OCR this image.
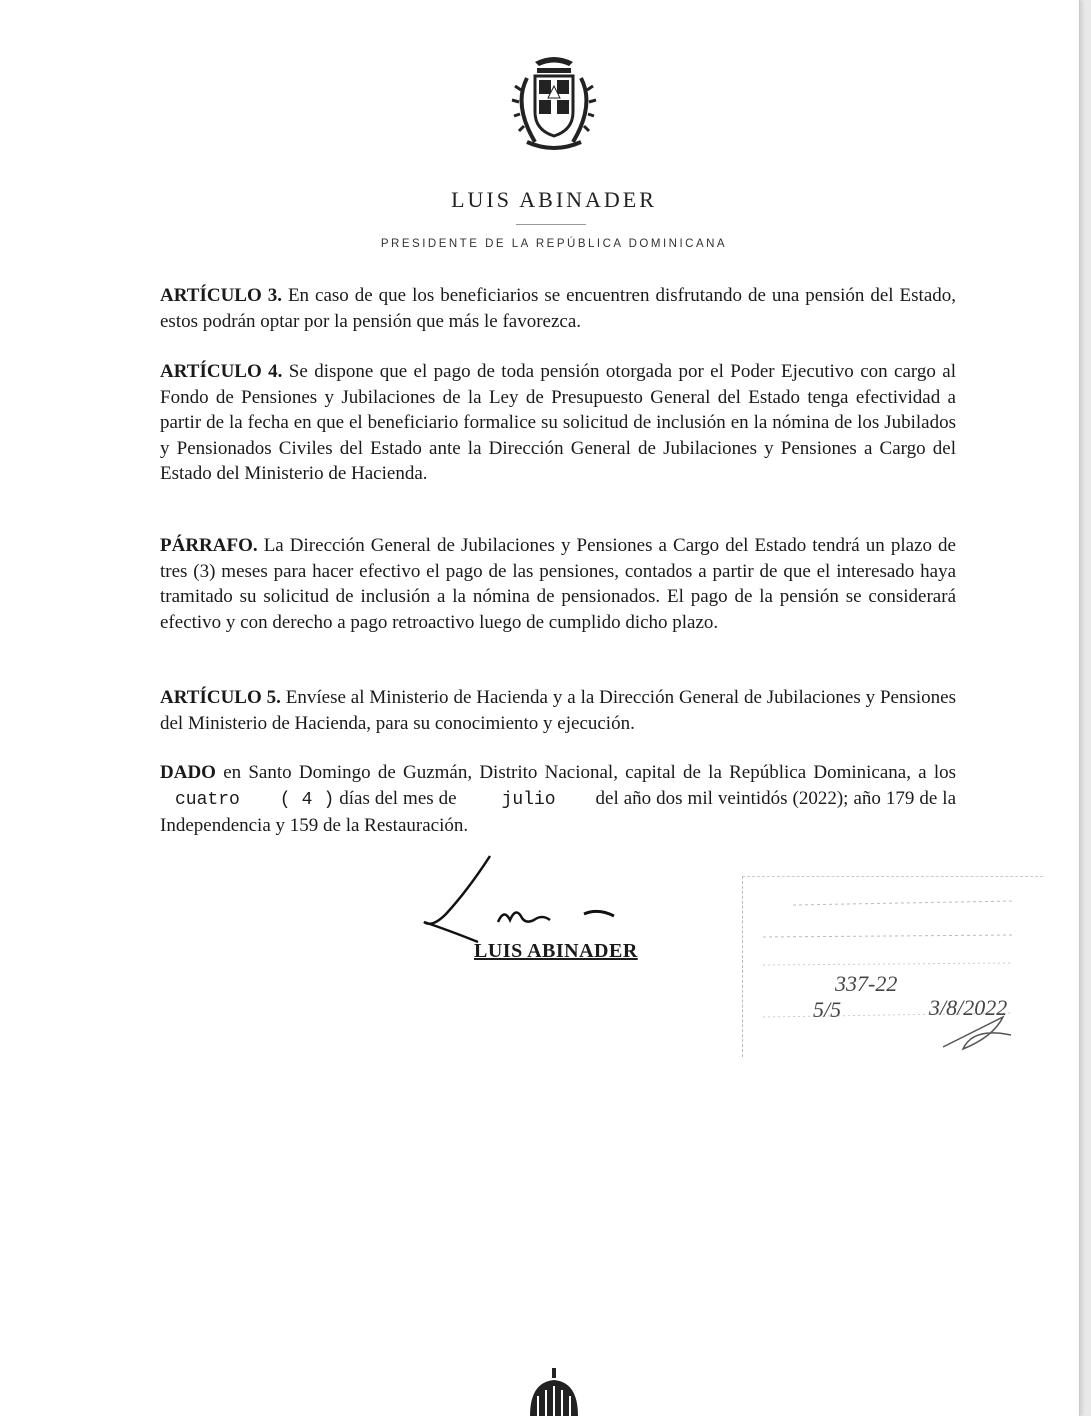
LUIS ABINADER
PRESIDENTE DE LA REPÚBLICA DOMINICANA

ARTÍCULO 3. En caso de que los beneficiarios se encuentren disfrutando de una pensión del Estado, estos podrán optar por la pensión que más le favorezca.

ARTÍCULO 4. Se dispone que el pago de toda pensión otorgada por el Poder Ejecutivo con cargo al Fondo de Pensiones y Jubilaciones de la Ley de Presupuesto General del Estado tenga efectividad a partir de la fecha en que el beneficiario formalice su solicitud de inclusión en la nómina de los Jubilados y Pensionados Civiles del Estado ante la Dirección General de Jubilaciones y Pensiones a Cargo del Estado del Ministerio de Hacienda.

PÁRRAFO. La Dirección General de Jubilaciones y Pensiones a Cargo del Estado tendrá un plazo de tres (3) meses para hacer efectivo el pago de las pensiones, contados a partir de que el interesado haya tramitado su solicitud de inclusión a la nómina de pensionados. El pago de la pensión se considerará efectivo y con derecho a pago retroactivo luego de cumplido dicho plazo.

ARTÍCULO 5. Envíese al Ministerio de Hacienda y a la Dirección General de Jubilaciones y Pensiones del Ministerio de Hacienda, para su conocimiento y ejecución.

DADO en Santo Domingo de Guzmán, Distrito Nacional, capital de la República Dominicana, a los    cuatro ( 4 ) días del mes de julio del año dos mil veintidós (2022); año 179 de la Independencia y 159 de la Restauración.

LUIS ABINADER
337-22
5/5	3/8/2022
